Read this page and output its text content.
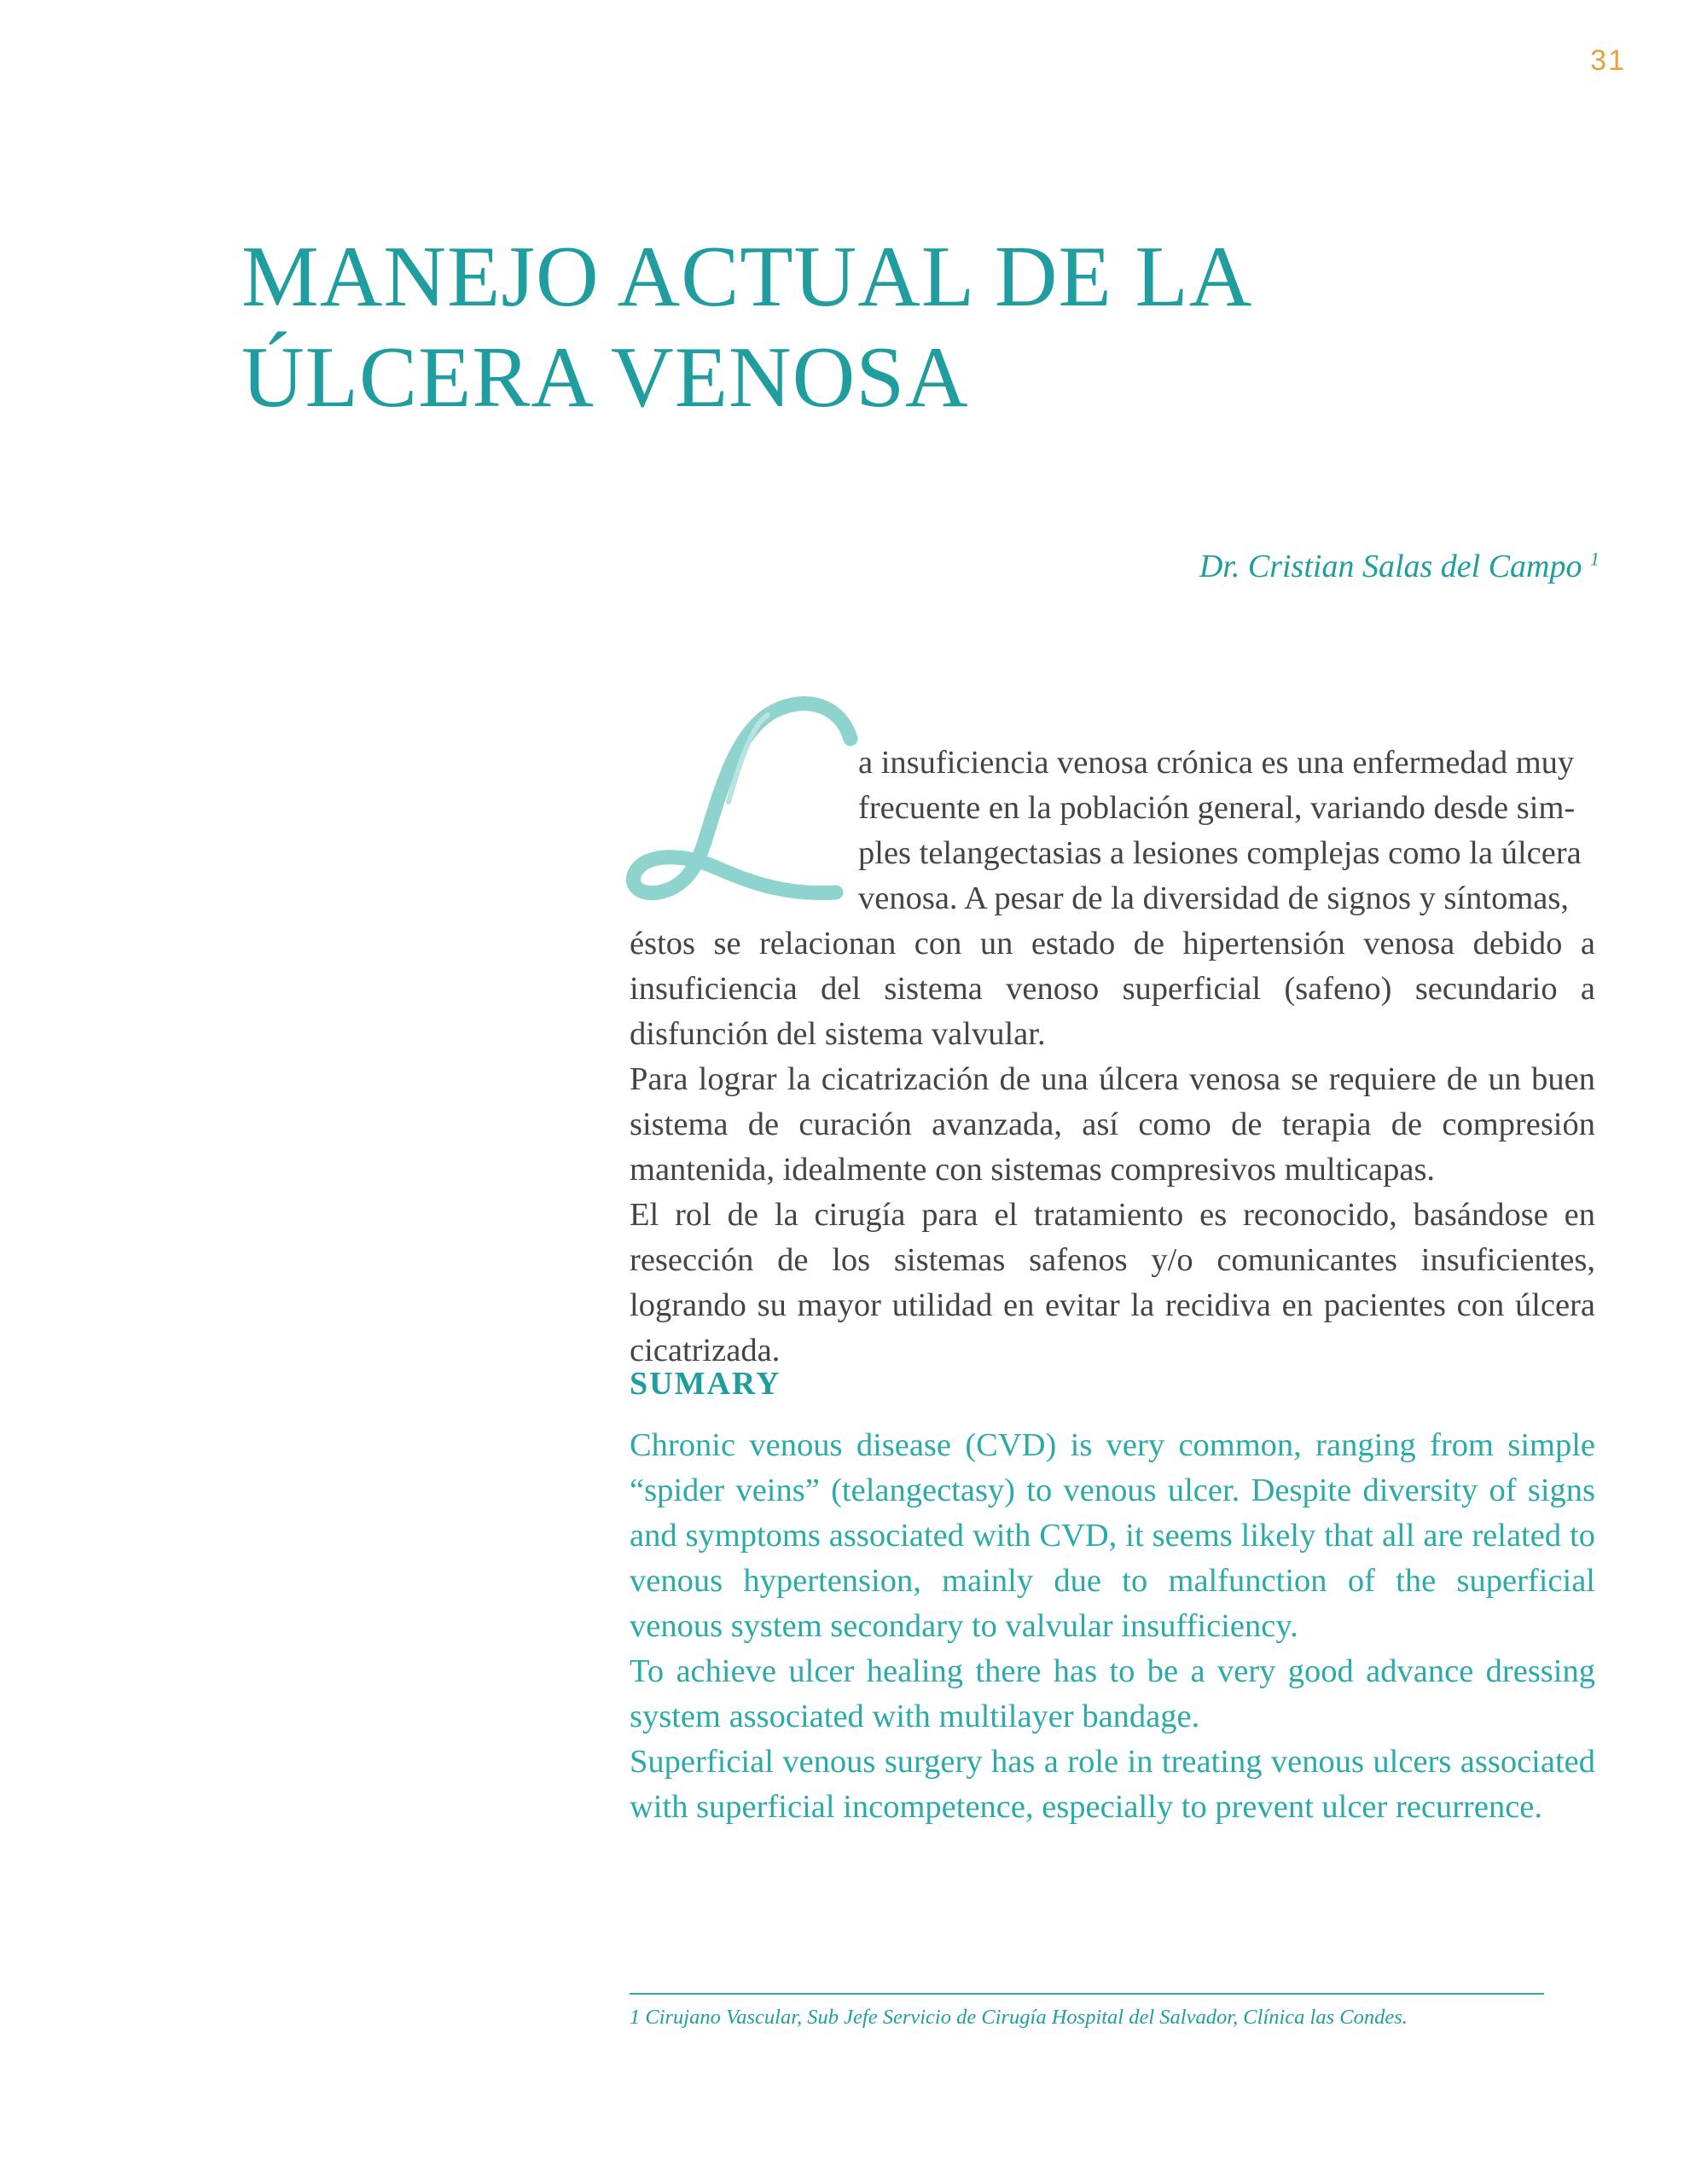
31
MANEJO ACTUAL DE LA
ÚLCERA VENOSA
Dr. Cristian Salas del Campo $^1$
a insuficiencia venosa crónica es una enfermedad muy
frecuente en la población general, variando desde sim-
ples telangectasias a lesiones complejas como la úlcera
venosa. A pesar de la diversidad de signos y síntomas,

éstos se relacionan con un estado de hipertensión venosa debido a insuficiencia del sistema venoso superficial (safeno) secundario a disfunción del sistema valvular.

Para lograr la cicatrización de una úlcera venosa se requiere de un buen sistema de curación avanzada, así como de terapia de compresión mantenida, idealmente con sistemas compresivos multicapas.

El rol de la cirugía para el tratamiento es reconocido, basándose en resección de los sistemas safenos y/o comunicantes insuficientes, logrando su mayor utilidad en evitar la recidiva en pacientes con úlcera cicatrizada.

SUMARY

Chronic venous disease (CVD) is very common, ranging from simple “spider veins” (telangectasy) to venous ulcer. Despite diversity of signs and symptoms associated with CVD, it seems likely that all are related to venous hypertension, mainly due to malfunction of the superficial venous system secondary to valvular insufficiency.

To achieve ulcer healing there has to be a very good advance dressing system associated with multilayer bandage.

Superficial venous surgery has a role in treating venous ulcers associated with superficial incompetence, especially to prevent ulcer recurrence.

1 Cirujano Vascular, Sub Jefe Servicio de Cirugía Hospital del Salvador, Clínica las Condes.
